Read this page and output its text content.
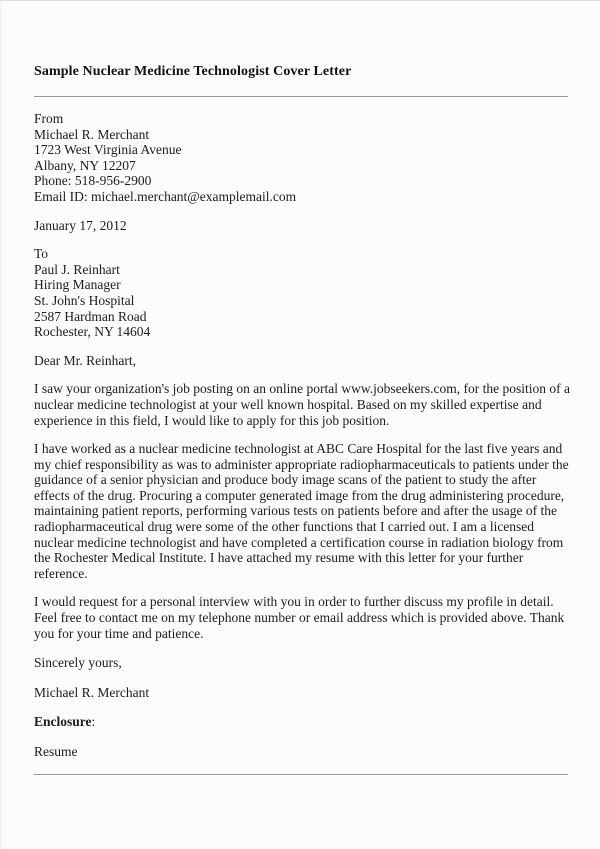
Sample Nuclear Medicine Technologist Cover Letter
From
Michael R. Merchant
1723 West Virginia Avenue
Albany, NY 12207
Phone: 518-956-2900
Email ID: michael.merchant@examplemail.com
January 17, 2012
To
Paul J. Reinhart
Hiring Manager
St. John's Hospital
2587 Hardman Road
Rochester, NY 14604
Dear Mr. Reinhart,

I saw your organization's job posting on an online portal www.jobseekers.com, for the position of a nuclear medicine technologist at your well known hospital. Based on my skilled expertise and experience in this field, I would like to apply for this job position.

I have worked as a nuclear medicine technologist at ABC Care Hospital for the last five years and my chief responsibility as was to administer appropriate radiopharmaceuticals to patients under the guidance of a senior physician and produce body image scans of the patient to study the after effects of the drug. Procuring a computer generated image from the drug administering procedure, maintaining patient reports, performing various tests on patients before and after the usage of the radiopharmaceutical drug were some of the other functions that I carried out. I am a licensed nuclear medicine technologist and have completed a certification course in radiation biology from the Rochester Medical Institute. I have attached my resume with this letter for your further reference.

I would request for a personal interview with you in order to further discuss my profile in detail. Feel free to contact me on my telephone number or email address which is provided above. Thank you for your time and patience.

Sincerely yours,
Michael R. Merchant
Enclosure:
Resume
